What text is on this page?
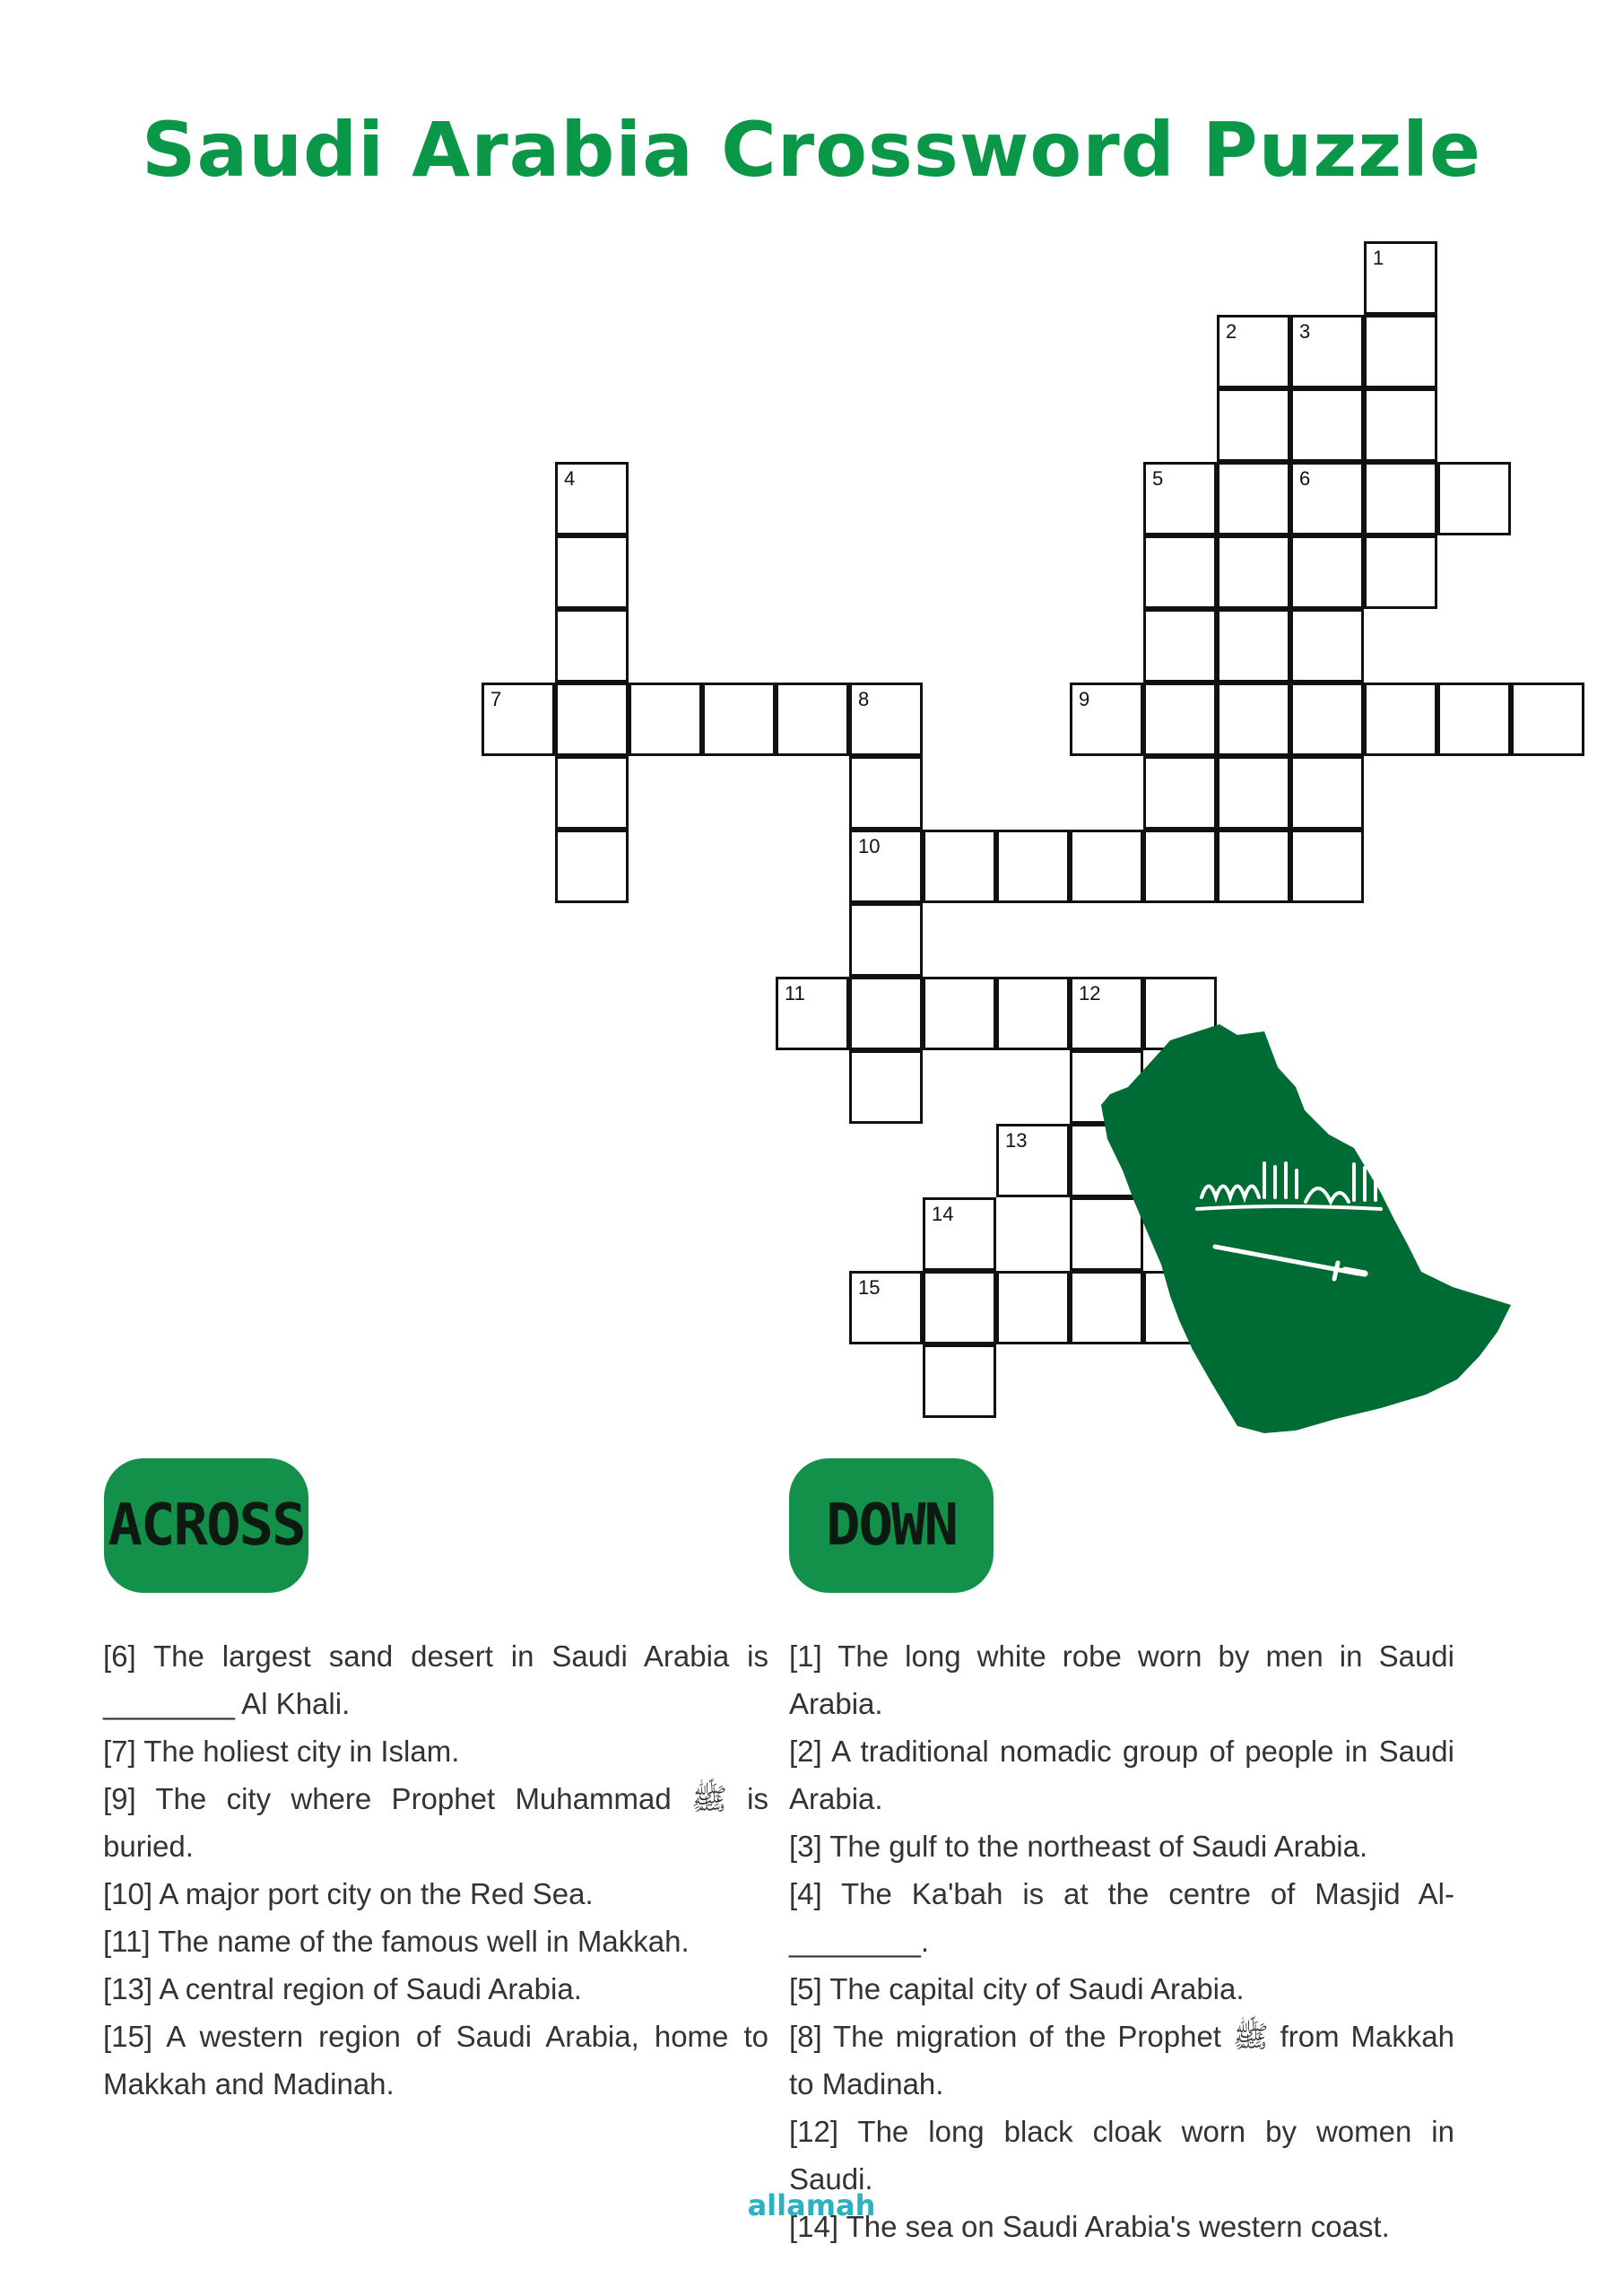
Saudi Arabia Crossword Puzzle
1
2	3
6
4	5
7	8
10
9
11	12
13
14
15
ACROSS	DOWN
[6] The largest sand desert in Saudi Arabia is ________ Al Khali.
[7] The holiest city in Islam.
[9] The city where Prophet Muhammad ﷺ is buried.
[10] A major port city on the Red Sea.
[11] The name of the famous well in Makkah.
[13] A central region of Saudi Arabia.
[15] A western region of Saudi Arabia, home to Makkah and Madinah.
[1] The long white robe worn by men in Saudi Arabia.
[2] A traditional nomadic group of people in Saudi Arabia.
[3] The gulf to the northeast of Saudi Arabia.
[4] The Ka'bah is at the centre of Masjid Al-________.
[5] The capital city of Saudi Arabia.
[8] The migration of the Prophet ﷺ from Makkah to Madinah.
[12] The long black cloak worn by women in Saudi.
[14] The sea on Saudi Arabia's western coast.
allamah
